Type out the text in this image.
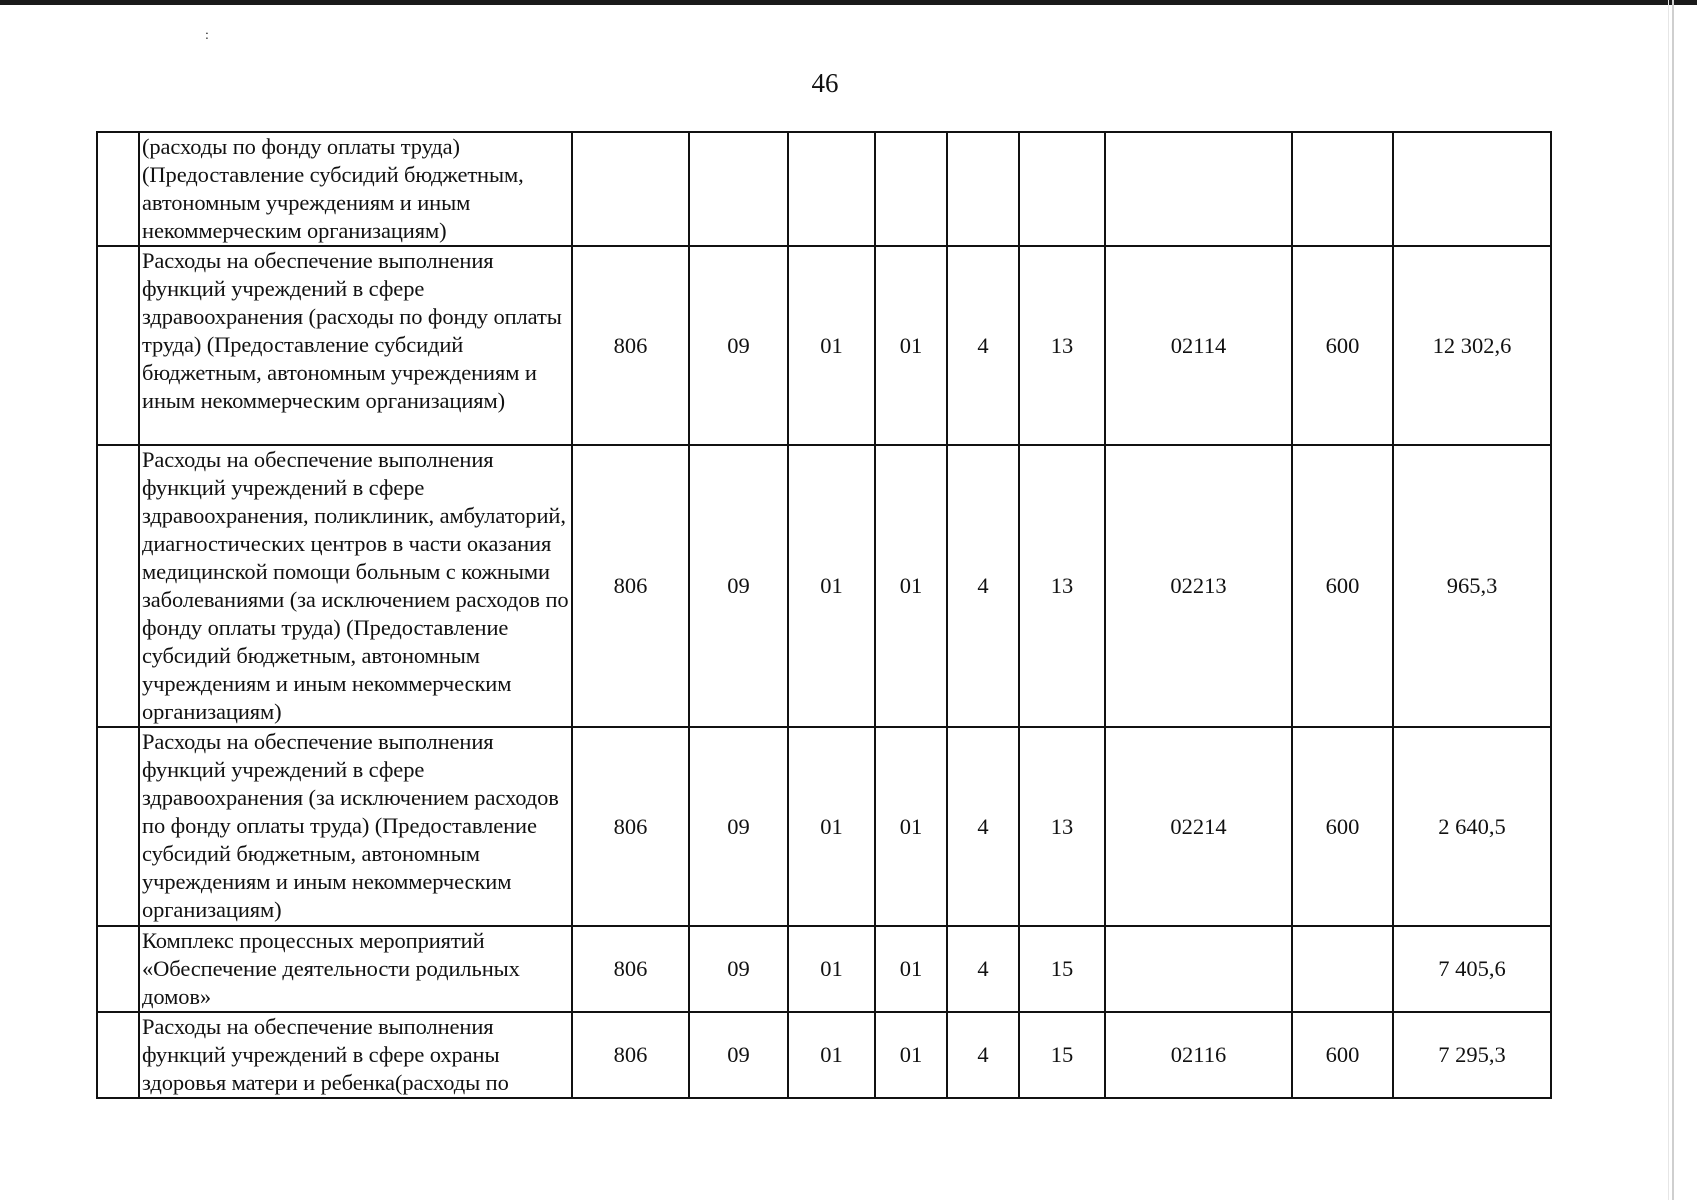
:
46
	(расходы по фонду оплаты труда) (Предоставление субсидий бюджетным, автономным учреждениям и иным некоммерческим организациям)									
	Расходы на обеспечение выполнения функций учреждений в сфере здравоохранения (расходы по фонду оплаты труда) (Предоставление субсидий бюджетным, автономным учреждениям и иным некоммерческим организациям)	806	09	01	01	4	13	02114	600	12 302,6
	Расходы на обеспечение выполнения функций учреждений в сфере здравоохранения, поликлиник, амбулаторий, диагностических центров в части оказания медицинской помощи больным с кожными заболеваниями (за исключением расходов по фонду оплаты труда) (Предоставление субсидий бюджетным, автономным учреждениям и иным некоммерческим организациям)	806	09	01	01	4	13	02213	600	965,3
	Расходы на обеспечение выполнения функций учреждений в сфере здравоохранения (за исключением расходов по фонду оплаты труда) (Предоставление субсидий бюджетным, автономным учреждениям и иным некоммерческим организациям)	806	09	01	01	4	13	02214	600	2 640,5
	Комплекс процессных мероприятий «Обеспечение деятельности родильных домов»	806	09	01	01	4	15			7 405,6
	Расходы на обеспечение выполнения функций учреждений в сфере охраны здоровья матери и ребенка(расходы по	806	09	01	01	4	15	02116	600	7 295,3
